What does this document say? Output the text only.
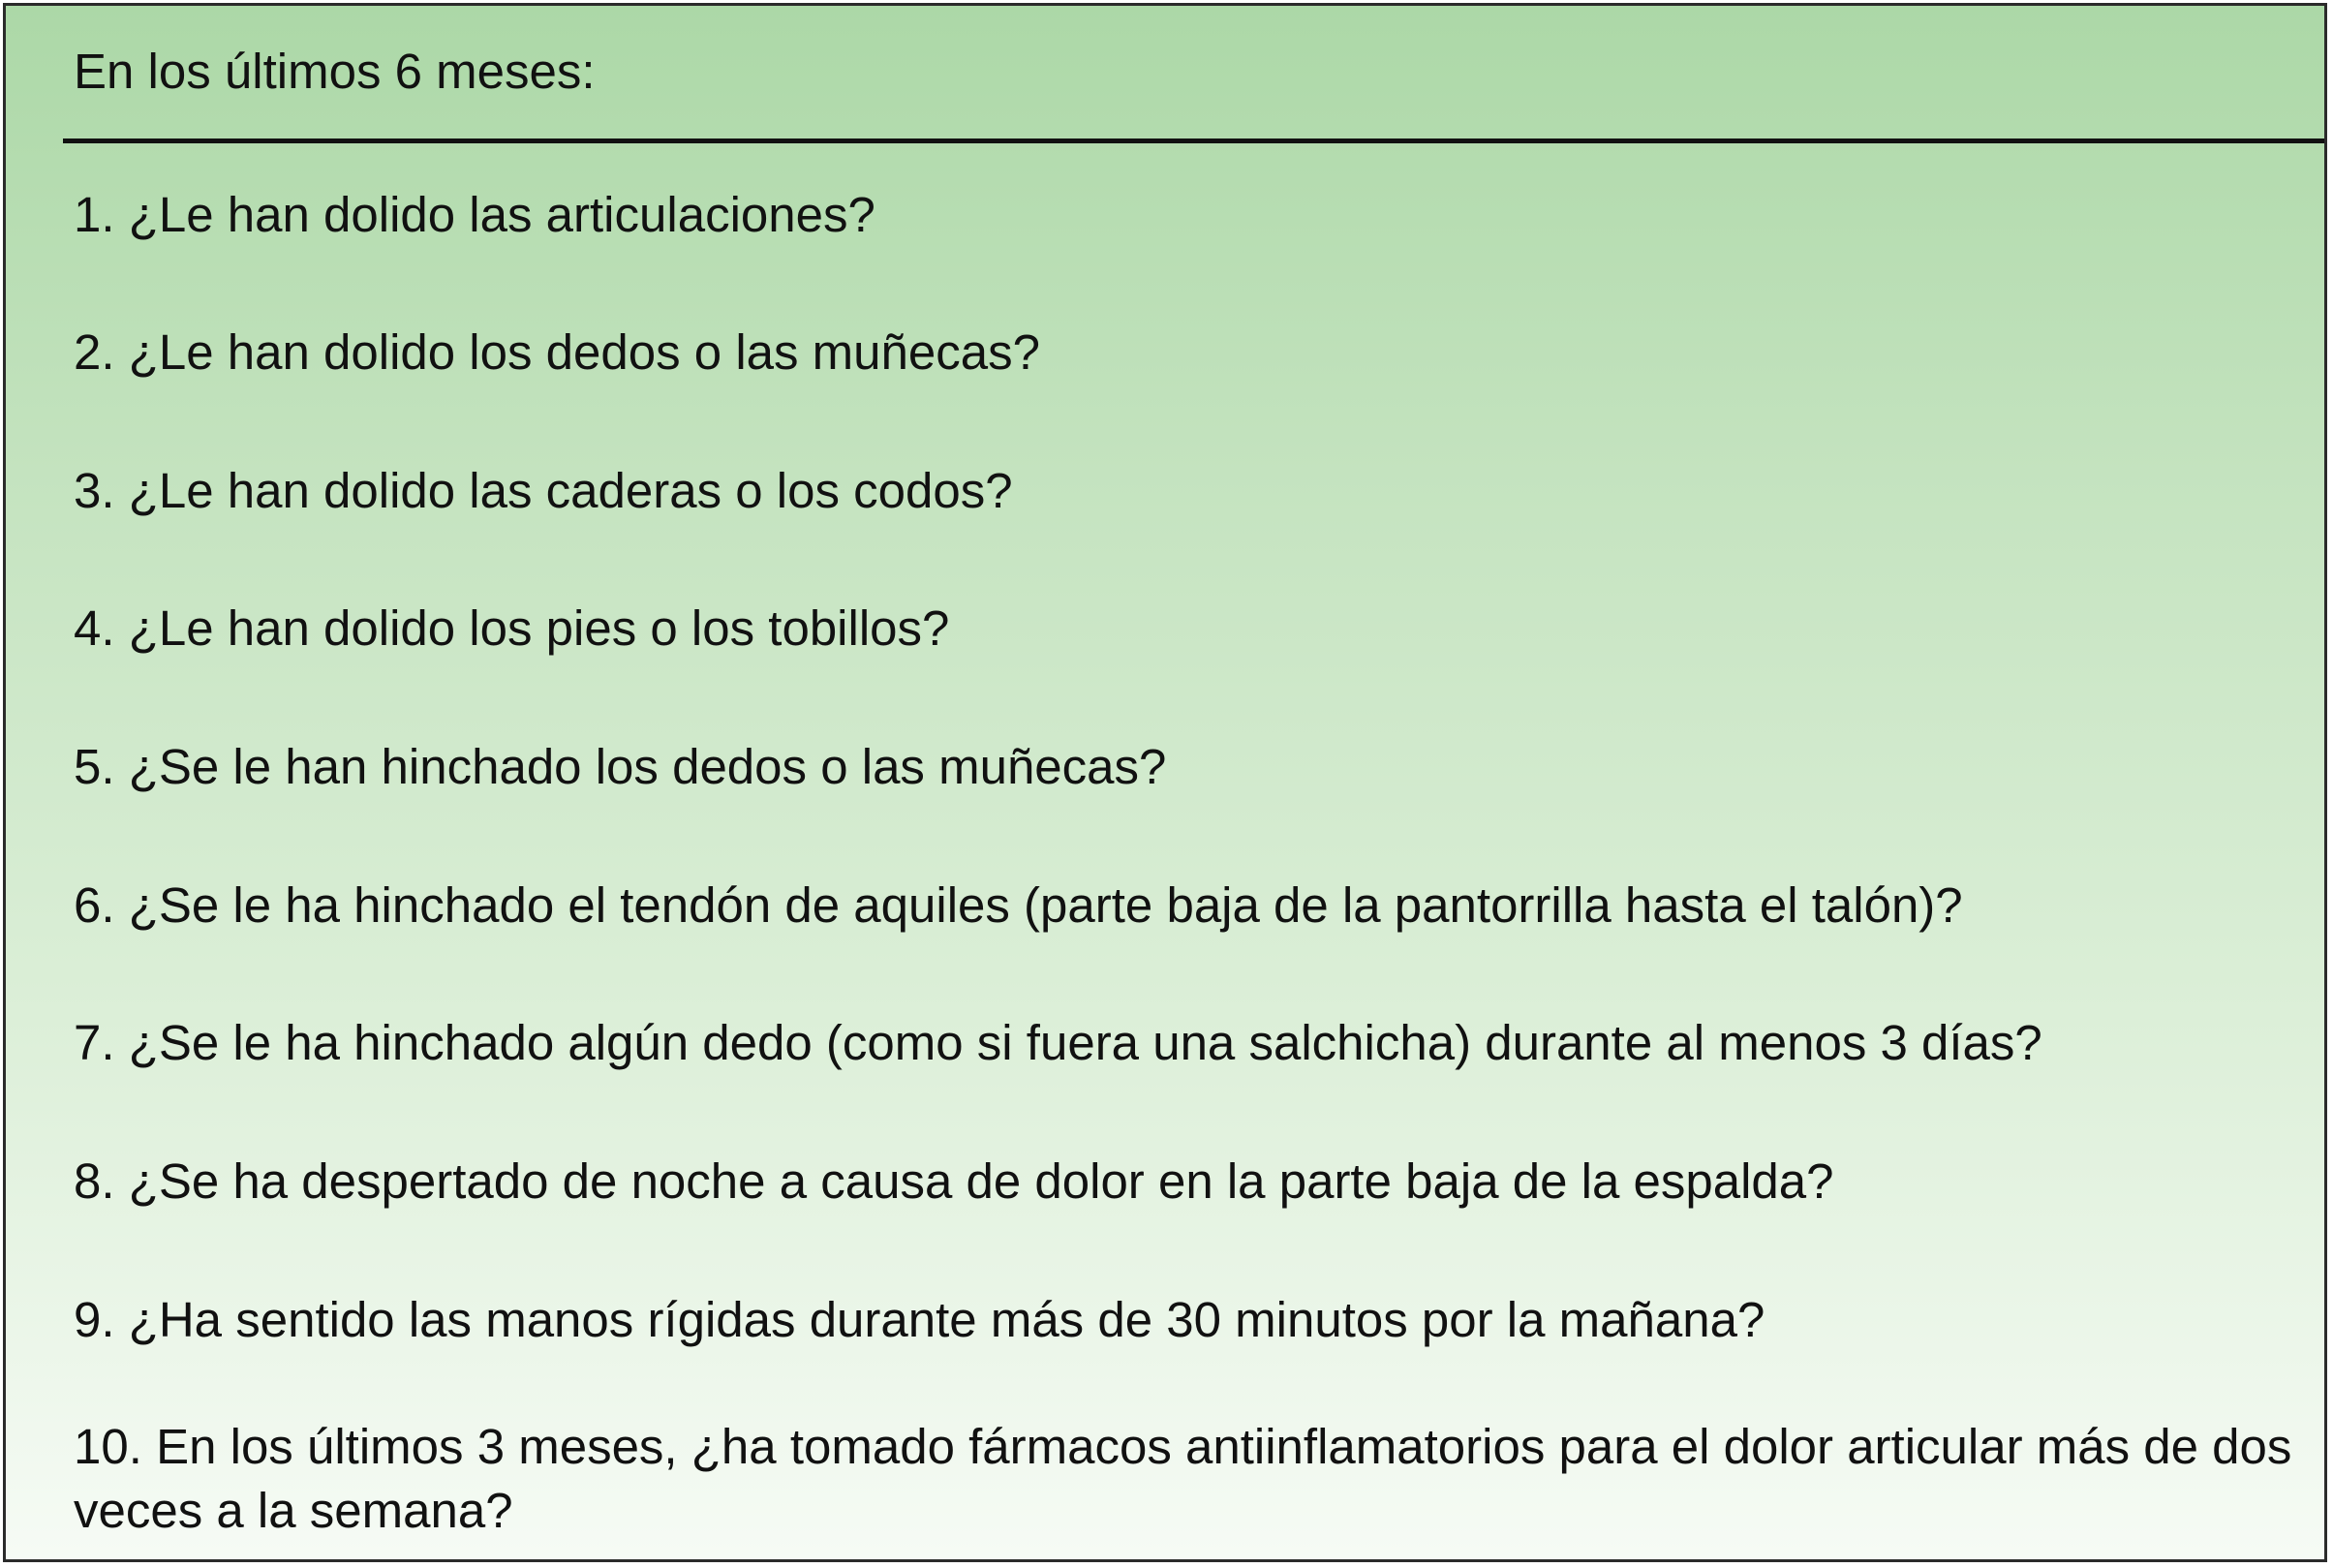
En los últimos 6 meses:
1. ¿Le han dolido las articulaciones?
2. ¿Le han dolido los dedos o las muñecas?
3. ¿Le han dolido las caderas o los codos?
4. ¿Le han dolido los pies o los tobillos?
5. ¿Se le han hinchado los dedos o las muñecas?
6. ¿Se le ha hinchado el tendón de aquiles (parte baja de la pantorrilla hasta el talón)?
7. ¿Se le ha hinchado algún dedo (como si fuera una salchicha) durante al menos 3 días?
8. ¿Se ha despertado de noche a causa de dolor en la parte baja de la espalda?
9. ¿Ha sentido las manos rígidas durante más de 30 minutos por la mañana?
10. En los últimos 3 meses, ¿ha tomado fármacos antiinflamatorios para el dolor articular más de dos veces a la semana?
